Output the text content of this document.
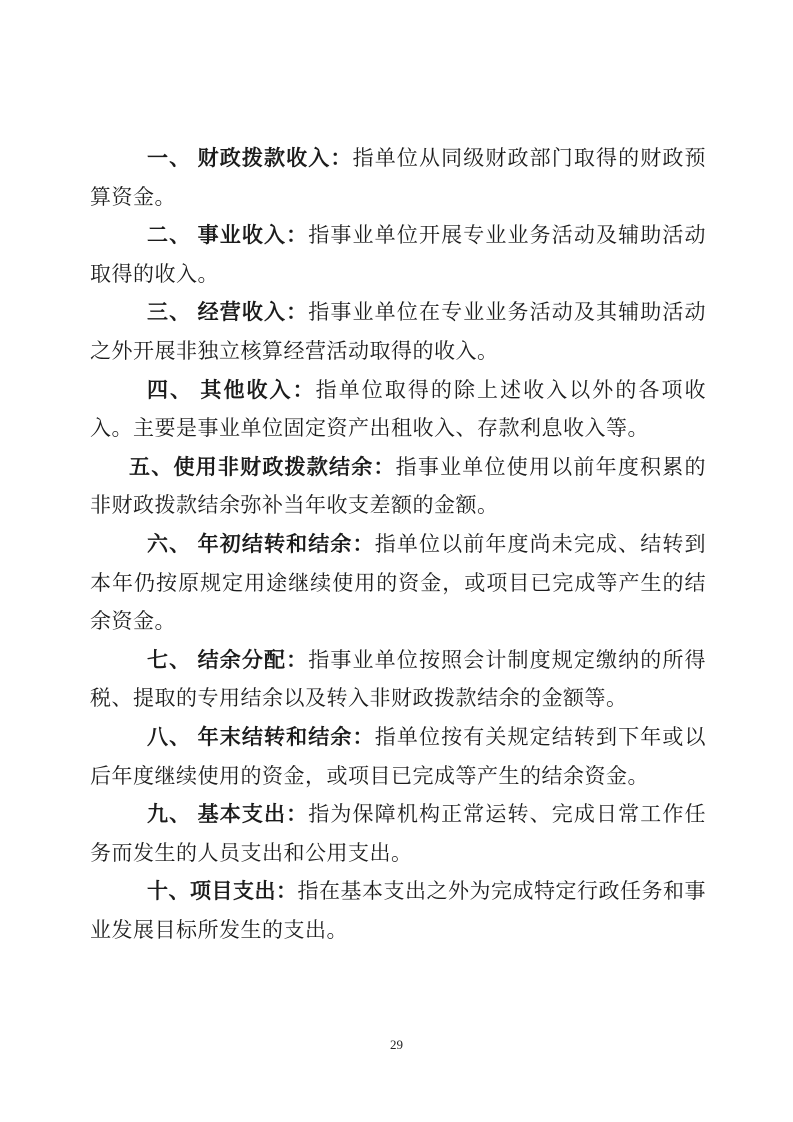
一、 财政拨款收入：指单位从同级财政部门取得的财政预算资金。

二、 事业收入：指事业单位开展专业业务活动及辅助活动取得的收入。

三、 经营收入：指事业单位在专业业务活动及其辅助活动之外开展非独立核算经营活动取得的收入。

四、 其他收入：指单位取得的除上述收入以外的各项收入。主要是事业单位固定资产出租收入、存款利息收入等。

五、使用非财政拨款结余：指事业单位使用以前年度积累的非财政拨款结余弥补当年收支差额的金额。

六、 年初结转和结余：指单位以前年度尚未完成、结转到本年仍按原规定用途继续使用的资金，或项目已完成等产生的结余资金。

七、 结余分配：指事业单位按照会计制度规定缴纳的所得税、提取的专用结余以及转入非财政拨款结余的金额等。

八、 年末结转和结余：指单位按有关规定结转到下年或以后年度继续使用的资金，或项目已完成等产生的结余资金。

九、 基本支出：指为保障机构正常运转、完成日常工作任务而发生的人员支出和公用支出。

十、项目支出：指在基本支出之外为完成特定行政任务和事业发展目标所发生的支出。

29
